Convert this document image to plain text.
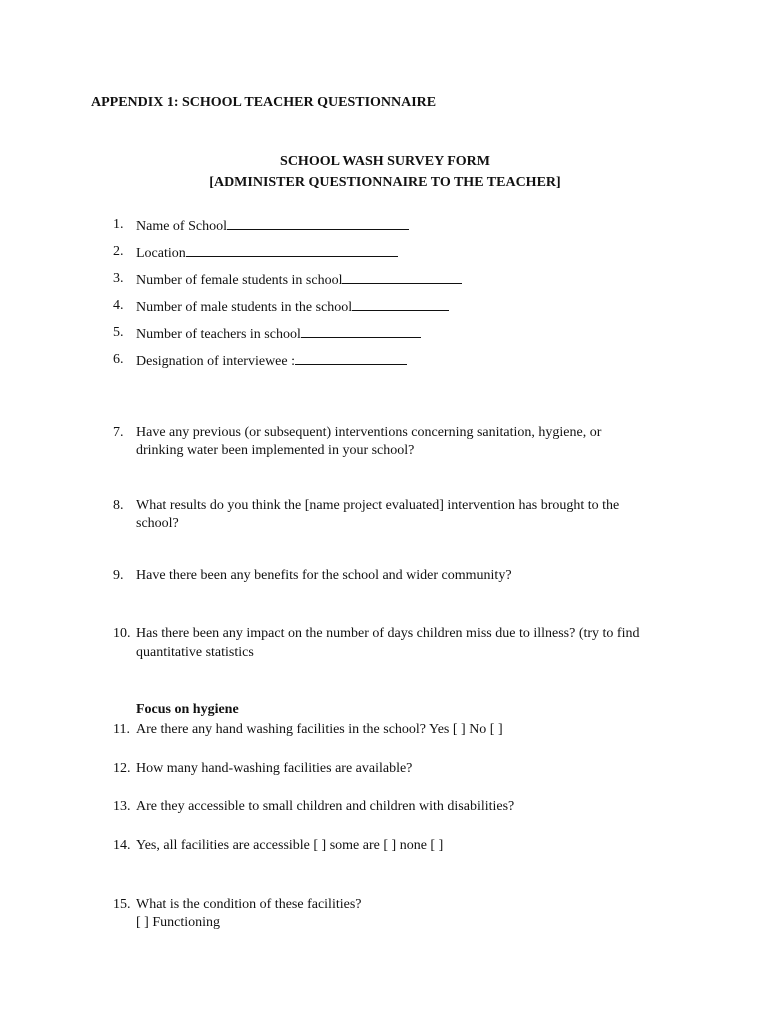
APPENDIX 1: SCHOOL TEACHER QUESTIONNAIRE
SCHOOL WASH SURVEY FORM
[ADMINISTER QUESTIONNAIRE TO THE TEACHER]
1. Name of School
2. Location
3. Number of female students in school
4. Number of male students in the school
5. Number of teachers in school
6. Designation of interviewee :
7. Have any previous (or subsequent) interventions concerning sanitation, hygiene, or
drinking water been implemented in your school?
8. What results do you think the [name project evaluated] intervention has brought to the
school?
9. Have there been any benefits for the school and wider community?
10. Has there been any impact on the number of days children miss due to illness? (try to find
quantitative statistics
Focus on hygiene
11. Are there any hand washing facilities in the school? Yes [ ] No [ ]
12. How many hand-washing facilities are available?
13. Are they accessible to small children and children with disabilities?
14. Yes, all facilities are accessible [ ] some are [ ] none [ ]
15. What is the condition of these facilities?
[ ] Functioning
